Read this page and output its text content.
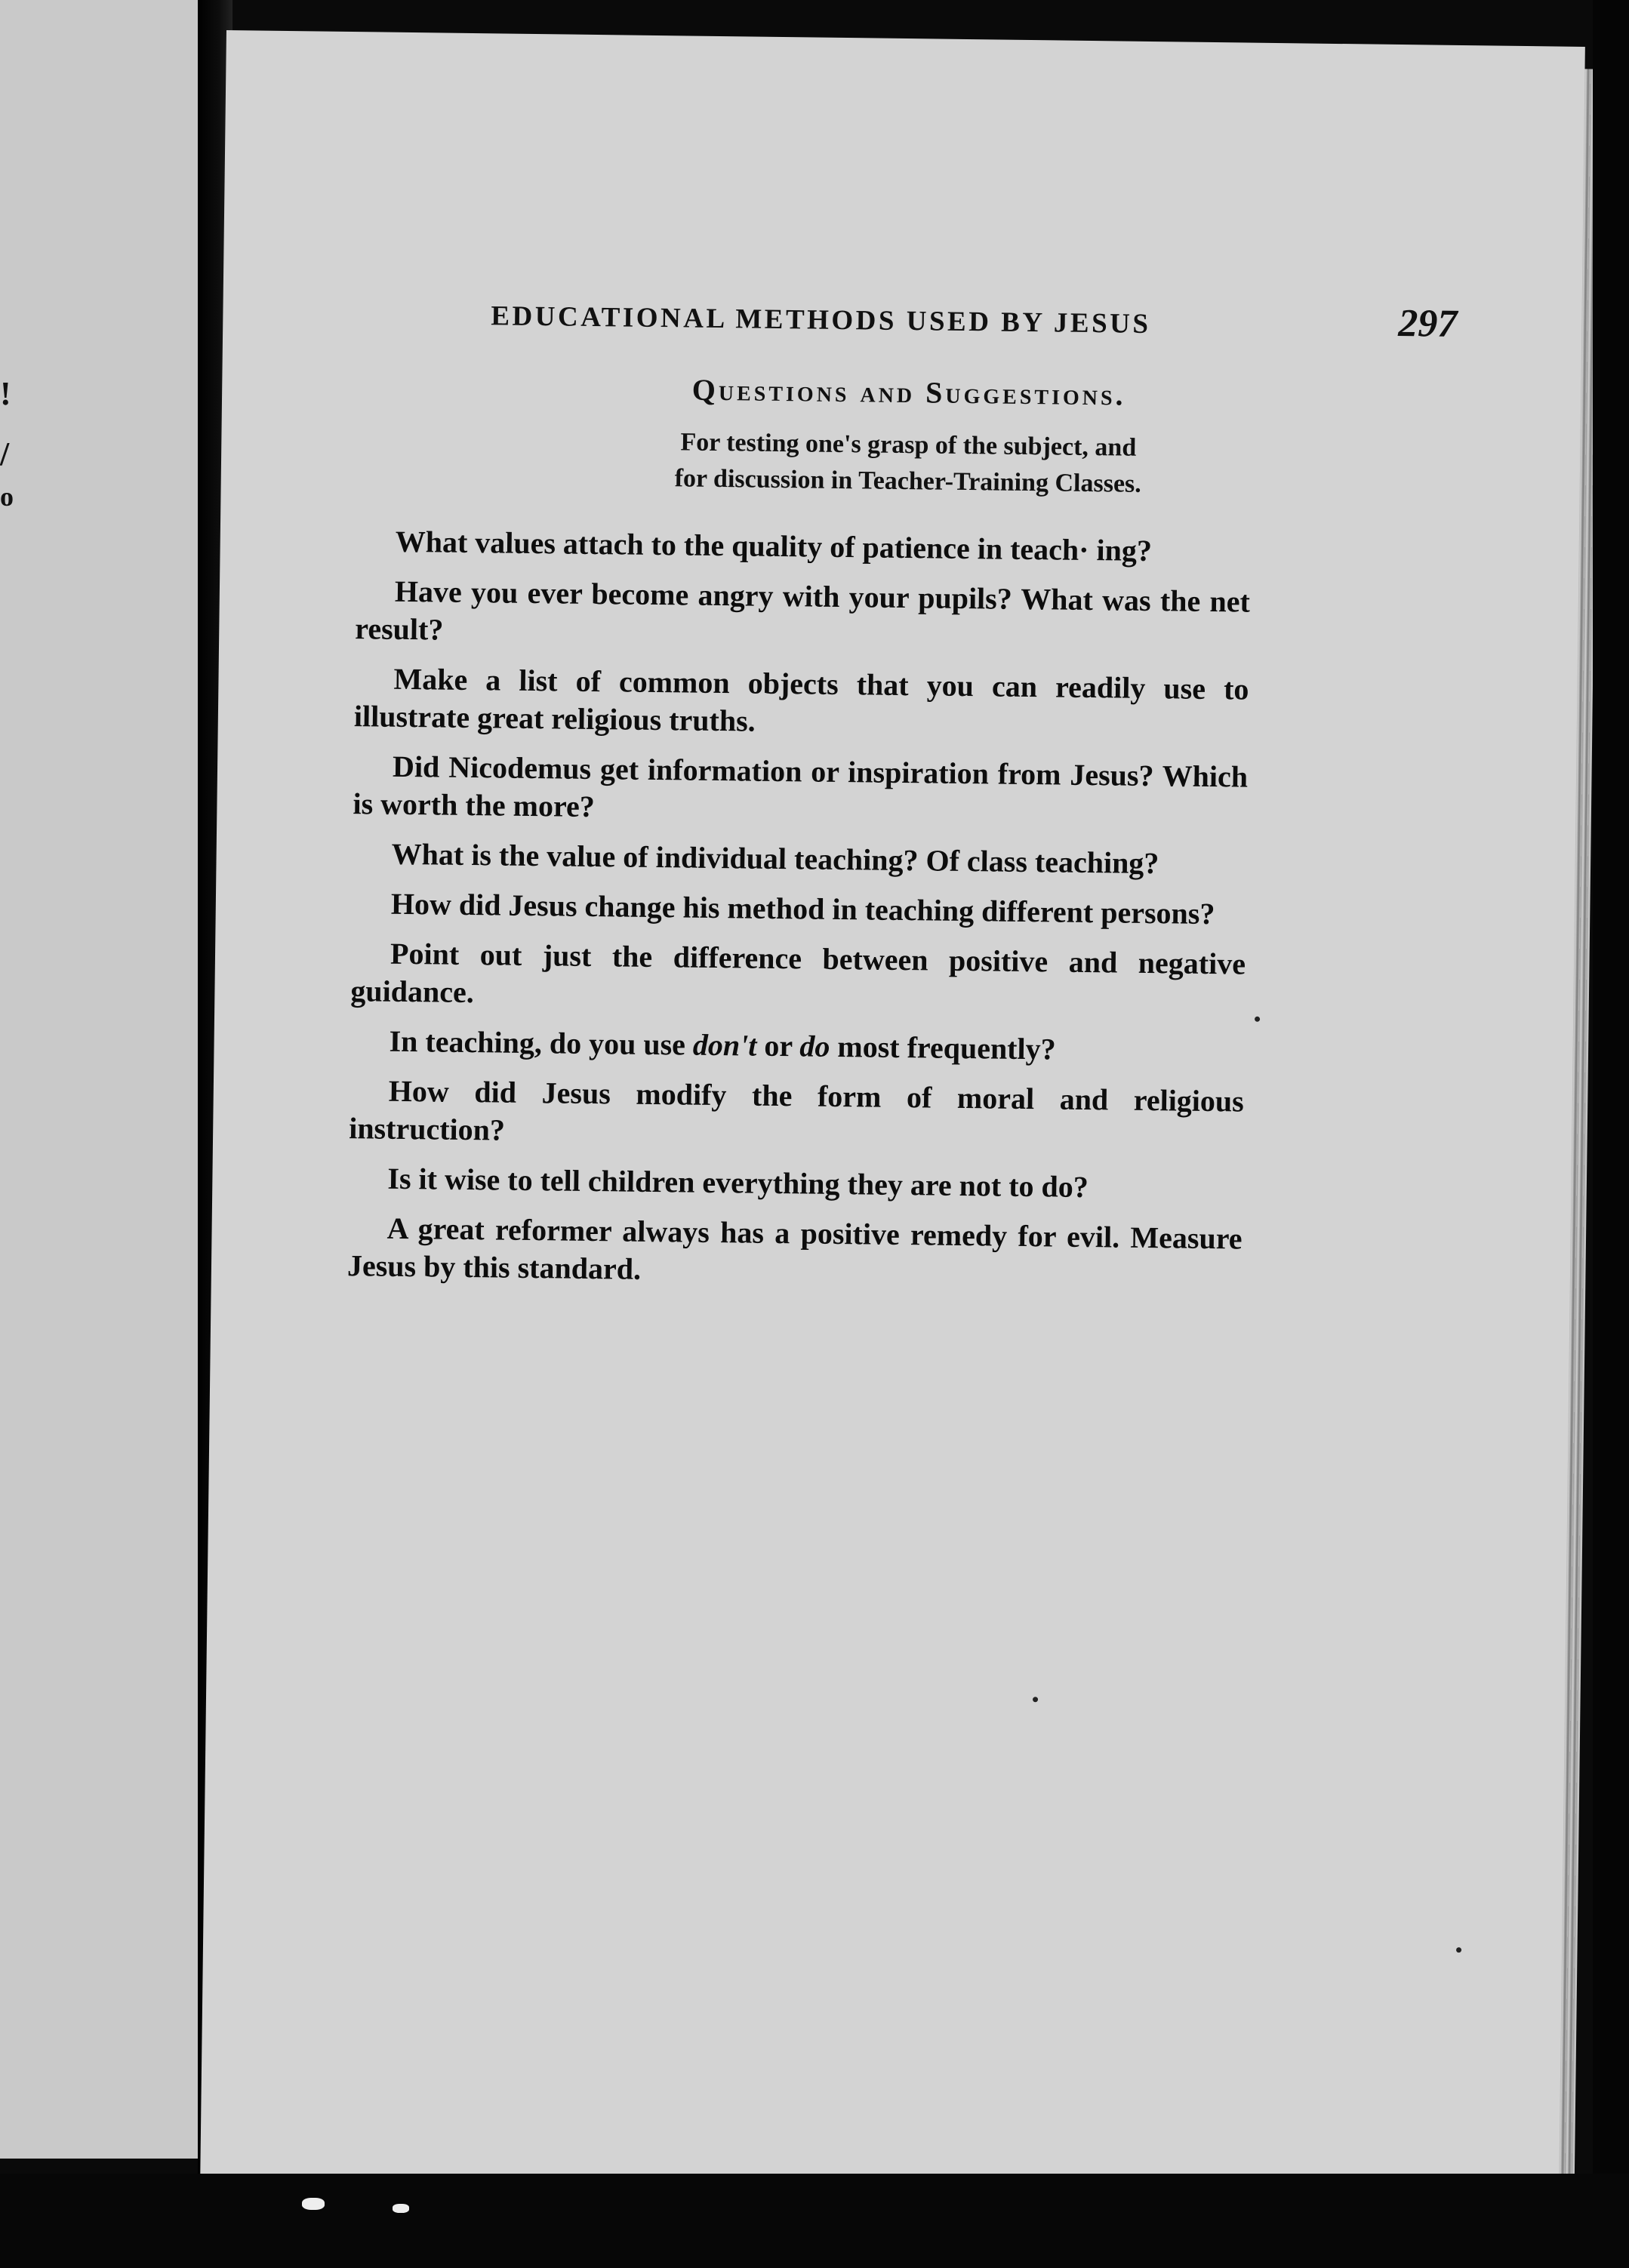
!
/
o
EDUCATIONAL METHODS USED BY JESUS	297
Questions and Suggestions.
For testing one's grasp of the subject, and
for discussion in Teacher-Training Classes.

What values attach to the quality of patience in teach· ing?

Have you ever become angry with your pupils? What was the net result?

Make a list of common objects that you can readily use to illustrate great religious truths.

Did Nicodemus get information or inspiration from Jesus? Which is worth the more?

What is the value of individual teaching? Of class teaching?

How did Jesus change his method in teaching different persons?

Point out just the difference between positive and negative guidance.

In teaching, do you use don't or do most frequently?

How did Jesus modify the form of moral and religious instruction?

Is it wise to tell children everything they are not to do?

A great reformer always has a positive remedy for evil. Measure Jesus by this standard.
